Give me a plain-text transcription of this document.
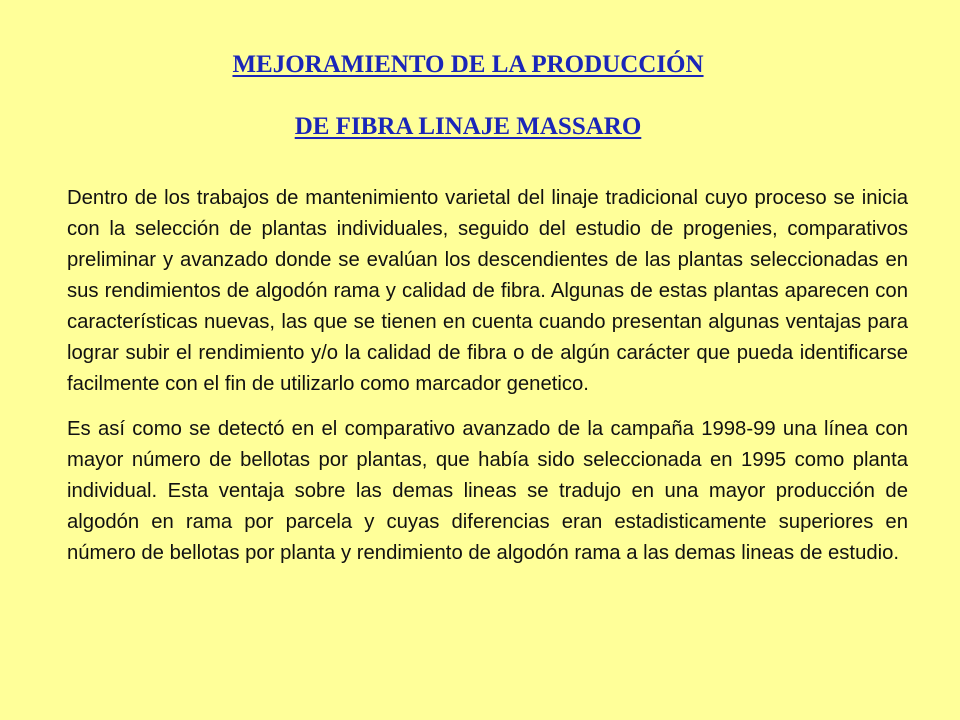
MEJORAMIENTO DE LA PRODUCCIÓN

DE FIBRA LINAJE MASSARO

Dentro de los trabajos de mantenimiento varietal del linaje tradicional cuyo proceso se inicia con la selección de plantas individuales, seguido del estudio de progenies, comparativos preliminar y avanzado donde se evalúan los descendientes de las plantas seleccionadas en sus rendimientos de algodón rama y calidad de fibra. Algunas de estas plantas aparecen con características nuevas, las que se tienen en cuenta cuando presentan algunas ventajas para lograr subir el rendimiento y/o la calidad de fibra o de algún carácter que pueda identificarse facilmente con el fin de utilizarlo como marcador genetico.

Es así como se detectó en el comparativo avanzado de la campaña 1998-99 una línea con mayor número de bellotas por plantas, que había sido seleccionada en 1995 como planta individual. Esta ventaja sobre las demas lineas se tradujo en una mayor producción de algodón en rama por parcela y cuyas diferencias eran estadisticamente superiores en número de bellotas por planta y rendimiento de algodón rama a las demas lineas de estudio.
